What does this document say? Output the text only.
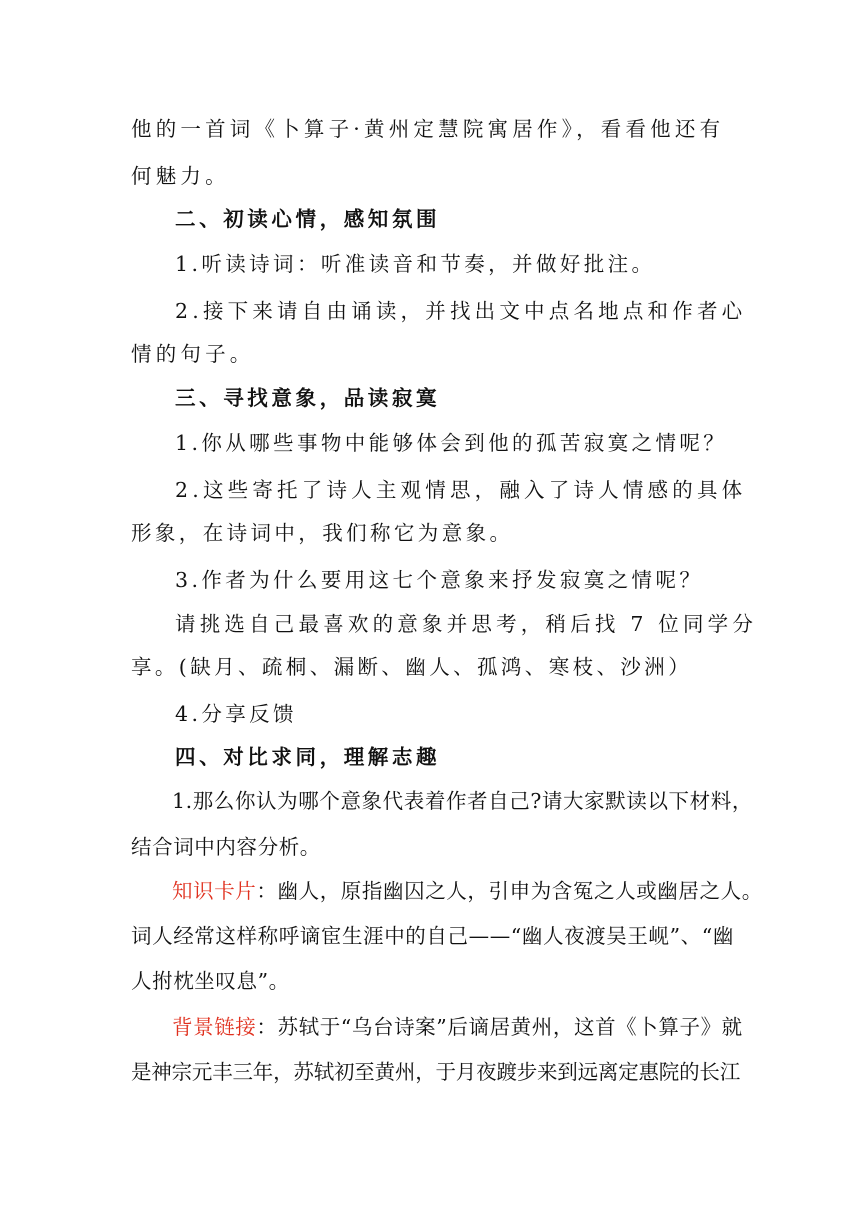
他的一首词《卜算子·黄州定慧院寓居作》，看看他还有
何魅力。
二、初读心情，感知氛围
1.听读诗词：听准读音和节奏，并做好批注。
2.接下来请自由诵读，并找出文中点名地点和作者心
情的句子。
三、寻找意象，品读寂寞
1.你从哪些事物中能够体会到他的孤苦寂寞之情呢？
2.这些寄托了诗人主观情思，融入了诗人情感的具体
形象，在诗词中，我们称它为意象。
3.作者为什么要用这七个意象来抒发寂寞之情呢？
请挑选自己最喜欢的意象并思考，稍后找 7 位同学分
享。(缺月、疏桐、漏断、幽人、孤鸿、寒枝、沙洲）
4.分享反馈
四、对比求同，理解志趣
1.那么你认为哪个意象代表着作者自己?请大家默读以下材料，
结合词中内容分析。
知识卡片：幽人，原指幽囚之人，引申为含冤之人或幽居之人。
词人经常这样称呼谪宦生涯中的自己——“幽人夜渡吴王岘”、“幽
人拊枕坐叹息”。
背景链接：苏轼于“乌台诗案”后谪居黄州，这首《卜算子》就
是神宗元丰三年，苏轼初至黄州，于月夜踱步来到远离定惠院的长江
